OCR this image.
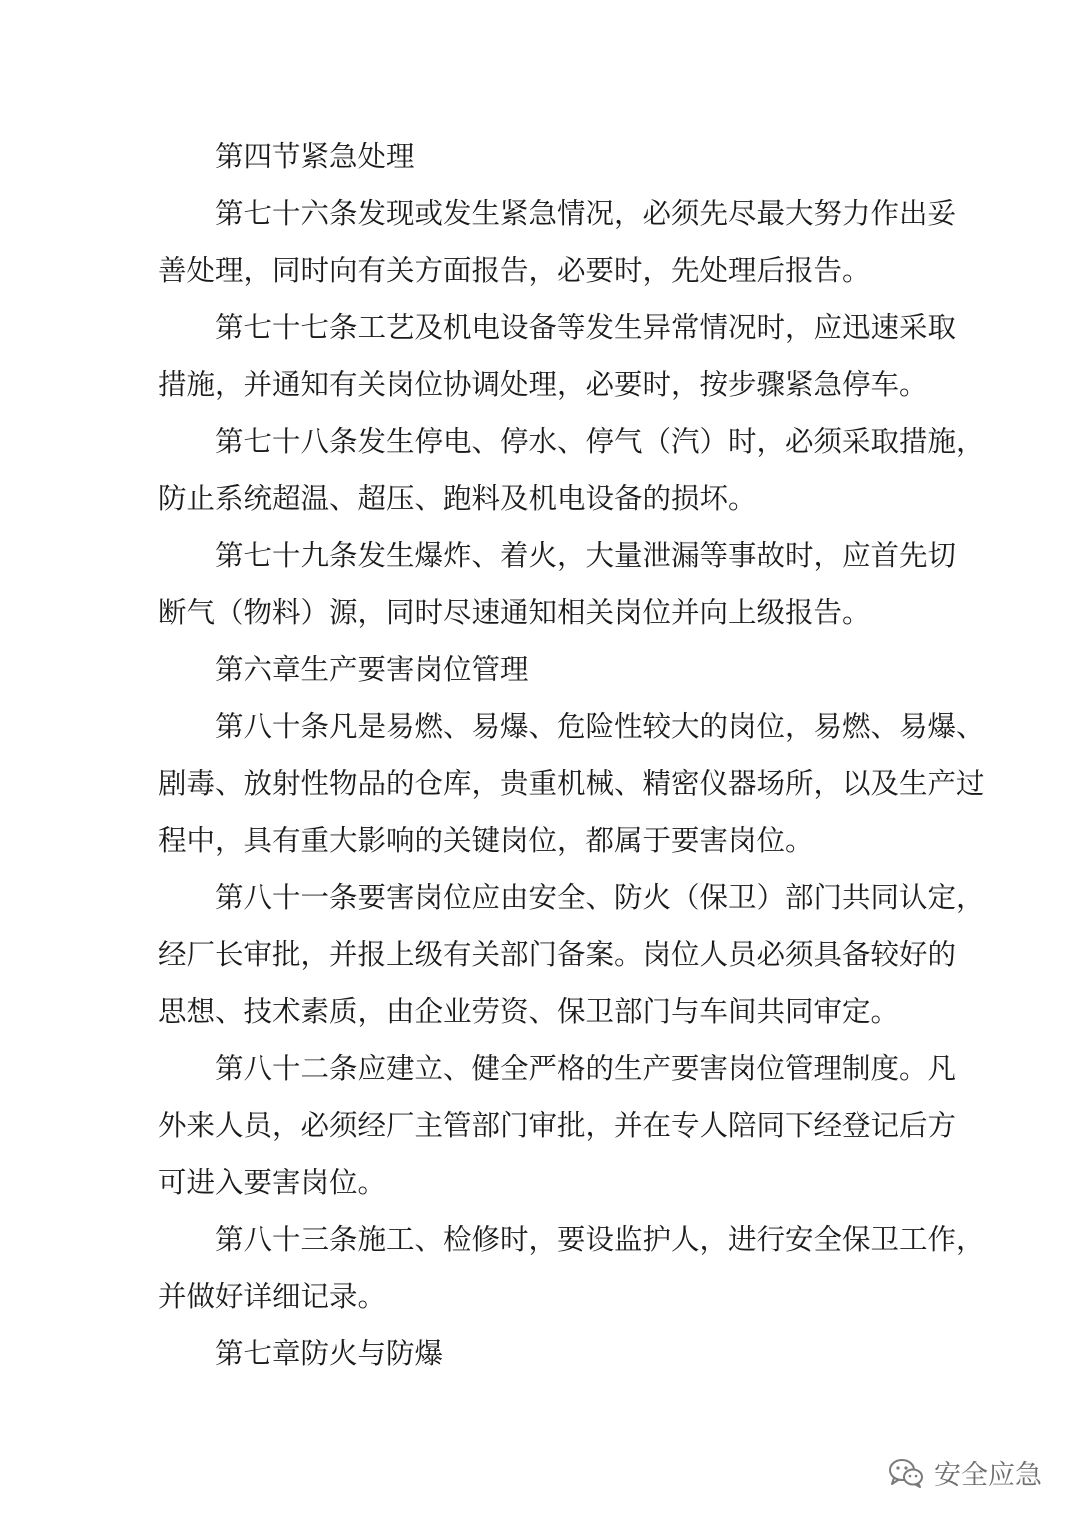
第四节紧急处理
第七十六条发现或发生紧急情况，必须先尽最大努力作出妥
善处理，同时向有关方面报告，必要时，先处理后报告。
第七十七条工艺及机电设备等发生异常情况时，应迅速采取
措施，并通知有关岗位协调处理，必要时，按步骤紧急停车。
第七十八条发生停电、停水、停气（汽）时，必须采取措施，
防止系统超温、超压、跑料及机电设备的损坏。
第七十九条发生爆炸、着火，大量泄漏等事故时，应首先切
断气（物料）源，同时尽速通知相关岗位并向上级报告。
第六章生产要害岗位管理
第八十条凡是易燃、易爆、危险性较大的岗位，易燃、易爆、
剧毒、放射性物品的仓库，贵重机械、精密仪器场所，以及生产过
程中，具有重大影响的关键岗位，都属于要害岗位。
第八十一条要害岗位应由安全、防火（保卫）部门共同认定，
经厂长审批，并报上级有关部门备案。岗位人员必须具备较好的
思想、技术素质，由企业劳资、保卫部门与车间共同审定。
第八十二条应建立、健全严格的生产要害岗位管理制度。凡
外来人员，必须经厂主管部门审批，并在专人陪同下经登记后方
可进入要害岗位。
第八十三条施工、检修时，要设监护人，进行安全保卫工作，
并做好详细记录。
第七章防火与防爆
安全应急
